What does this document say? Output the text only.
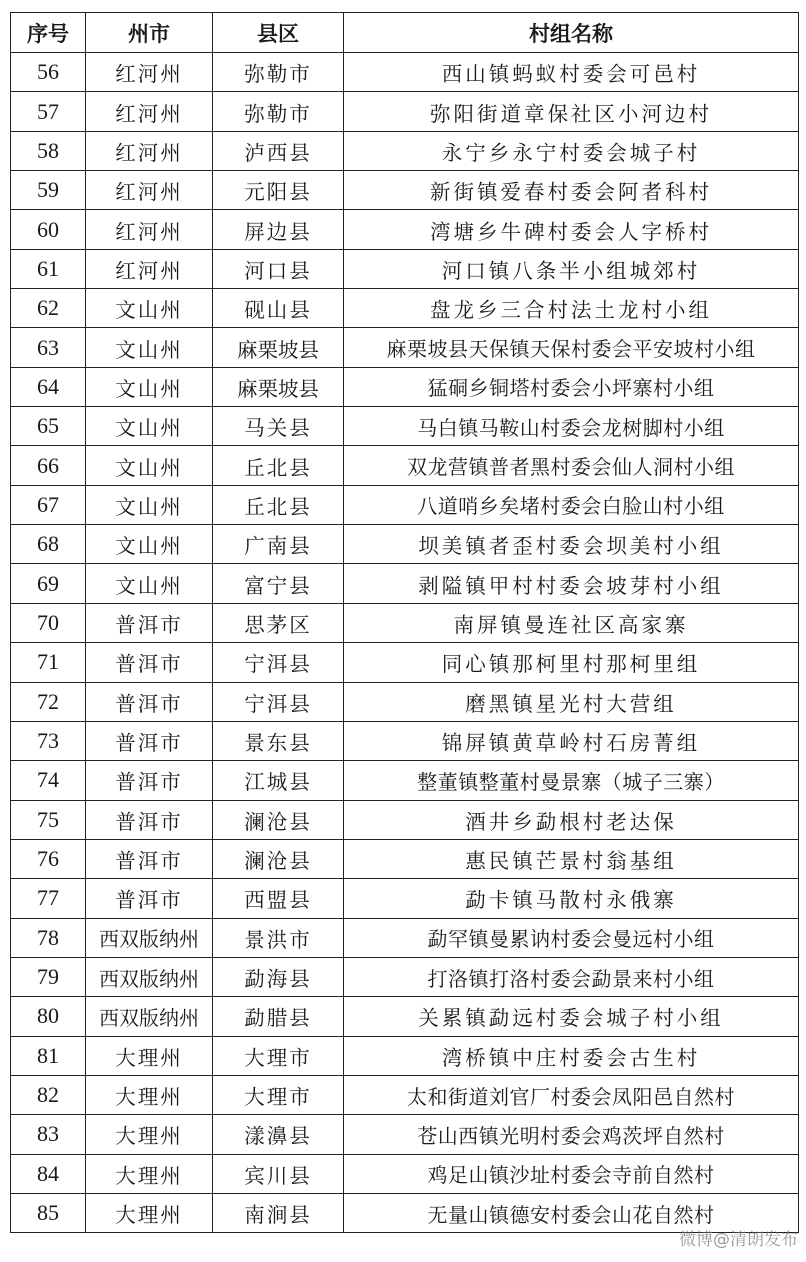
序号	州市	县区	村组名称
56	红河州	弥勒市	西山镇蚂蚁村委会可邑村
57	红河州	弥勒市	弥阳街道章保社区小河边村
58	红河州	泸西县	永宁乡永宁村委会城子村
59	红河州	元阳县	新街镇爱春村委会阿者科村
60	红河州	屏边县	湾塘乡牛碑村委会人字桥村
61	红河州	河口县	河口镇八条半小组城郊村
62	文山州	砚山县	盘龙乡三合村法土龙村小组
63	文山州	麻栗坡县	麻栗坡县天保镇天保村委会平安坡村小组
64	文山州	麻栗坡县	猛硐乡铜塔村委会小坪寨村小组
65	文山州	马关县	马白镇马鞍山村委会龙树脚村小组
66	文山州	丘北县	双龙营镇普者黑村委会仙人洞村小组
67	文山州	丘北县	八道哨乡矣堵村委会白脸山村小组
68	文山州	广南县	坝美镇者歪村委会坝美村小组
69	文山州	富宁县	剥隘镇甲村村委会坡芽村小组
70	普洱市	思茅区	南屏镇曼连社区高家寨
71	普洱市	宁洱县	同心镇那柯里村那柯里组
72	普洱市	宁洱县	磨黑镇星光村大营组
73	普洱市	景东县	锦屏镇黄草岭村石房菁组
74	普洱市	江城县	整董镇整董村曼景寨（城子三寨）
75	普洱市	澜沧县	酒井乡勐根村老达保
76	普洱市	澜沧县	惠民镇芒景村翁基组
77	普洱市	西盟县	勐卡镇马散村永俄寨
78	西双版纳州	景洪市	勐罕镇曼累讷村委会曼远村小组
79	西双版纳州	勐海县	打洛镇打洛村委会勐景来村小组
80	西双版纳州	勐腊县	关累镇勐远村委会城子村小组
81	大理州	大理市	湾桥镇中庄村委会古生村
82	大理州	大理市	太和街道刘官厂村委会凤阳邑自然村
83	大理州	漾濞县	苍山西镇光明村委会鸡茨坪自然村
84	大理州	宾川县	鸡足山镇沙址村委会寺前自然村
85	大理州	南涧县	无量山镇德安村委会山花自然村
微博@清朗发布
